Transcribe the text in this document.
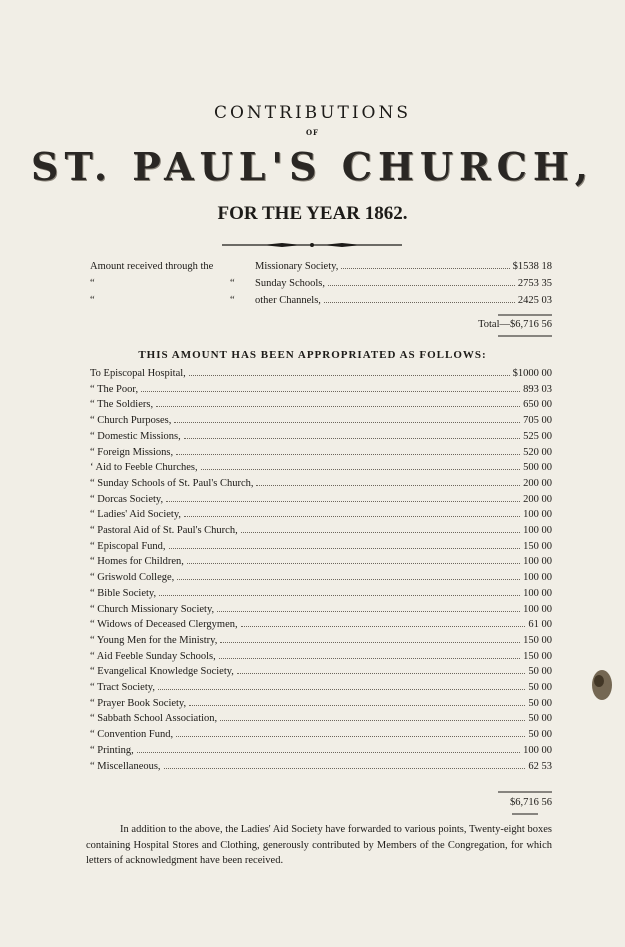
CONTRIBUTIONS
OF
ST. PAUL'S CHURCH,
FOR THE YEAR 1862.
Amount received through the	Missionary Society,	$1538 18
“	“	Sunday Schools,	2753 35
“	“	other Channels,	2425 03
Total—$6,716 56
THIS AMOUNT HAS BEEN APPROPRIATED AS FOLLOWS:
To Episcopal Hospital,	$1000 00
“ The Poor,	893 03
“ The Soldiers,	650 00
“ Church Purposes,	705 00
“ Domestic Missions,	525 00
“ Foreign Missions,	520 00
‘ Aid to Feeble Churches,	500 00
“ Sunday Schools of St. Paul's Church,	200 00
“ Dorcas Society,	200 00
“ Ladies' Aid Society,	100 00
“ Pastoral Aid of St. Paul's Church,	100 00
“ Episcopal Fund,	150 00
“ Homes for Children,	100 00
“ Griswold College,	100 00
“ Bible Society,	100 00
“ Church Missionary Society,	100 00
“ Widows of Deceased Clergymen,	61 00
“ Young Men for the Ministry,	150 00
“ Aid Feeble Sunday Schools,	150 00
“ Evangelical Knowledge Society,	50 00
“ Tract Society,	50 00
“ Prayer Book Society,	50 00
“ Sabbath School Association,	50 00
“ Convention Fund,	50 00
“ Printing,	100 00
“ Miscellaneous,	62 53
$6,716 56
In addition to the above, the Ladies' Aid Society have forwarded to various points, Twenty-eight boxes containing Hospital Stores and Clothing, generously contributed by Members of the Congregation, for which letters of acknowledgment have been received.
